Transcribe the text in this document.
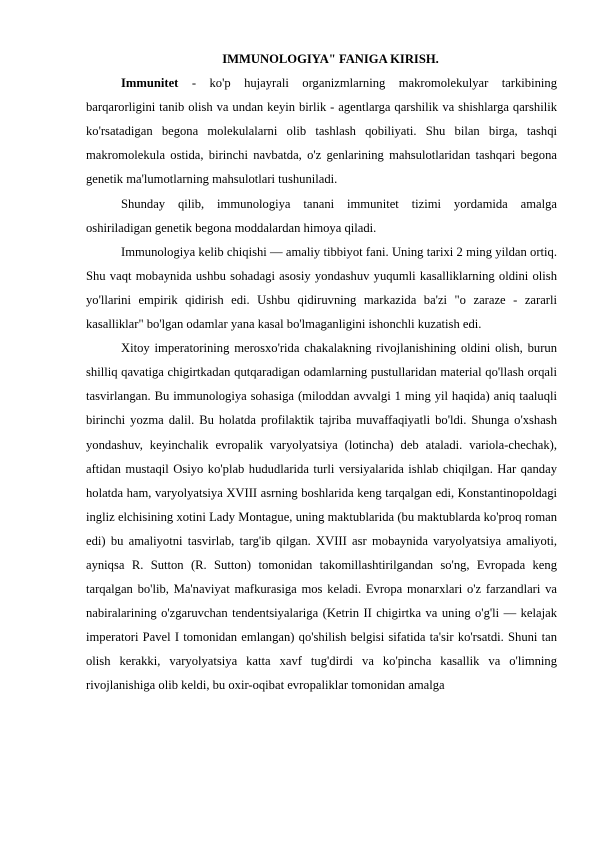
IMMUNOLOGIYA" FANIGA KIRISH.

Immunitet - ko'p hujayrali organizmlarning makromolekulyar tarkibining barqarorligini tanib olish va undan keyin birlik - agentlarga qarshilik va shishlarga qarshilik ko'rsatadigan begona molekulalarni olib tashlash qobiliyati. Shu bilan birga, tashqi makromolekula ostida, birinchi navbatda, o'z genlarining mahsulotlaridan tashqari begona genetik ma'lumotlarning mahsulotlari tushuniladi.

Shunday qilib, immunologiya tanani immunitet tizimi yordamida amalga oshiriladigan genetik begona moddalardan himoya qiladi.

Immunologiya kelib chiqishi — amaliy tibbiyot fani. Uning tarixi 2 ming yildan ortiq. Shu vaqt mobaynida ushbu sohadagi asosiy yondashuv yuqumli kasalliklarning oldini olish yo'llarini empirik qidirish edi. Ushbu qidiruvning markazida ba'zi "o zaraze - zararli kasalliklar" bo'lgan odamlar yana kasal bo'lmaganligini ishonchli kuzatish edi.

Xitoy imperatorining merosxo'rida chakalakning rivojlanishining oldini olish, burun shilliq qavatiga chigirtkadan qutqaradigan odamlarning pustullaridan material qo'llash orqali tasvirlangan. Bu immunologiya sohasiga (miloddan avvalgi 1 ming yil haqida) aniq taaluqli birinchi yozma dalil. Bu holatda profilaktik tajriba muvaffaqiyatli bo'ldi. Shunga o'xshash yondashuv, keyinchalik evropalik varyolyatsiya (lotincha) deb ataladi. variola-chechak), aftidan mustaqil Osiyo ko'plab hududlarida turli versiyalarida ishlab chiqilgan. Har qanday holatda ham, varyolyatsiya XVIII asrning boshlarida keng tarqalgan edi, Konstantinopoldagi ingliz elchisining xotini Lady Montague, uning maktublarida (bu maktublarda ko'proq roman edi) bu amaliyotni tasvirlab, targ'ib qilgan. XVIII asr mobaynida varyolyatsiya amaliyoti, ayniqsa R. Sutton (R. Sutton) tomonidan takomillashtirilgandan so'ng, Evropada keng tarqalgan bo'lib, Ma'naviyat mafkurasiga mos keladi. Evropa monarxlari o'z farzandlari va nabiralarining o'zgaruvchan tendentsiyalariga (Ketrin II chigirtka va uning o'g'li — kelajak imperatori Pavel I tomonidan emlangan) qo'shilish belgisi sifatida ta'sir ko'rsatdi. Shuni tan olish kerakki, varyolyatsiya katta xavf tug'dirdi va ko'pincha kasallik va o'limning rivojlanishiga olib keldi, bu oxir-oqibat evropaliklar tomonidan amalga
